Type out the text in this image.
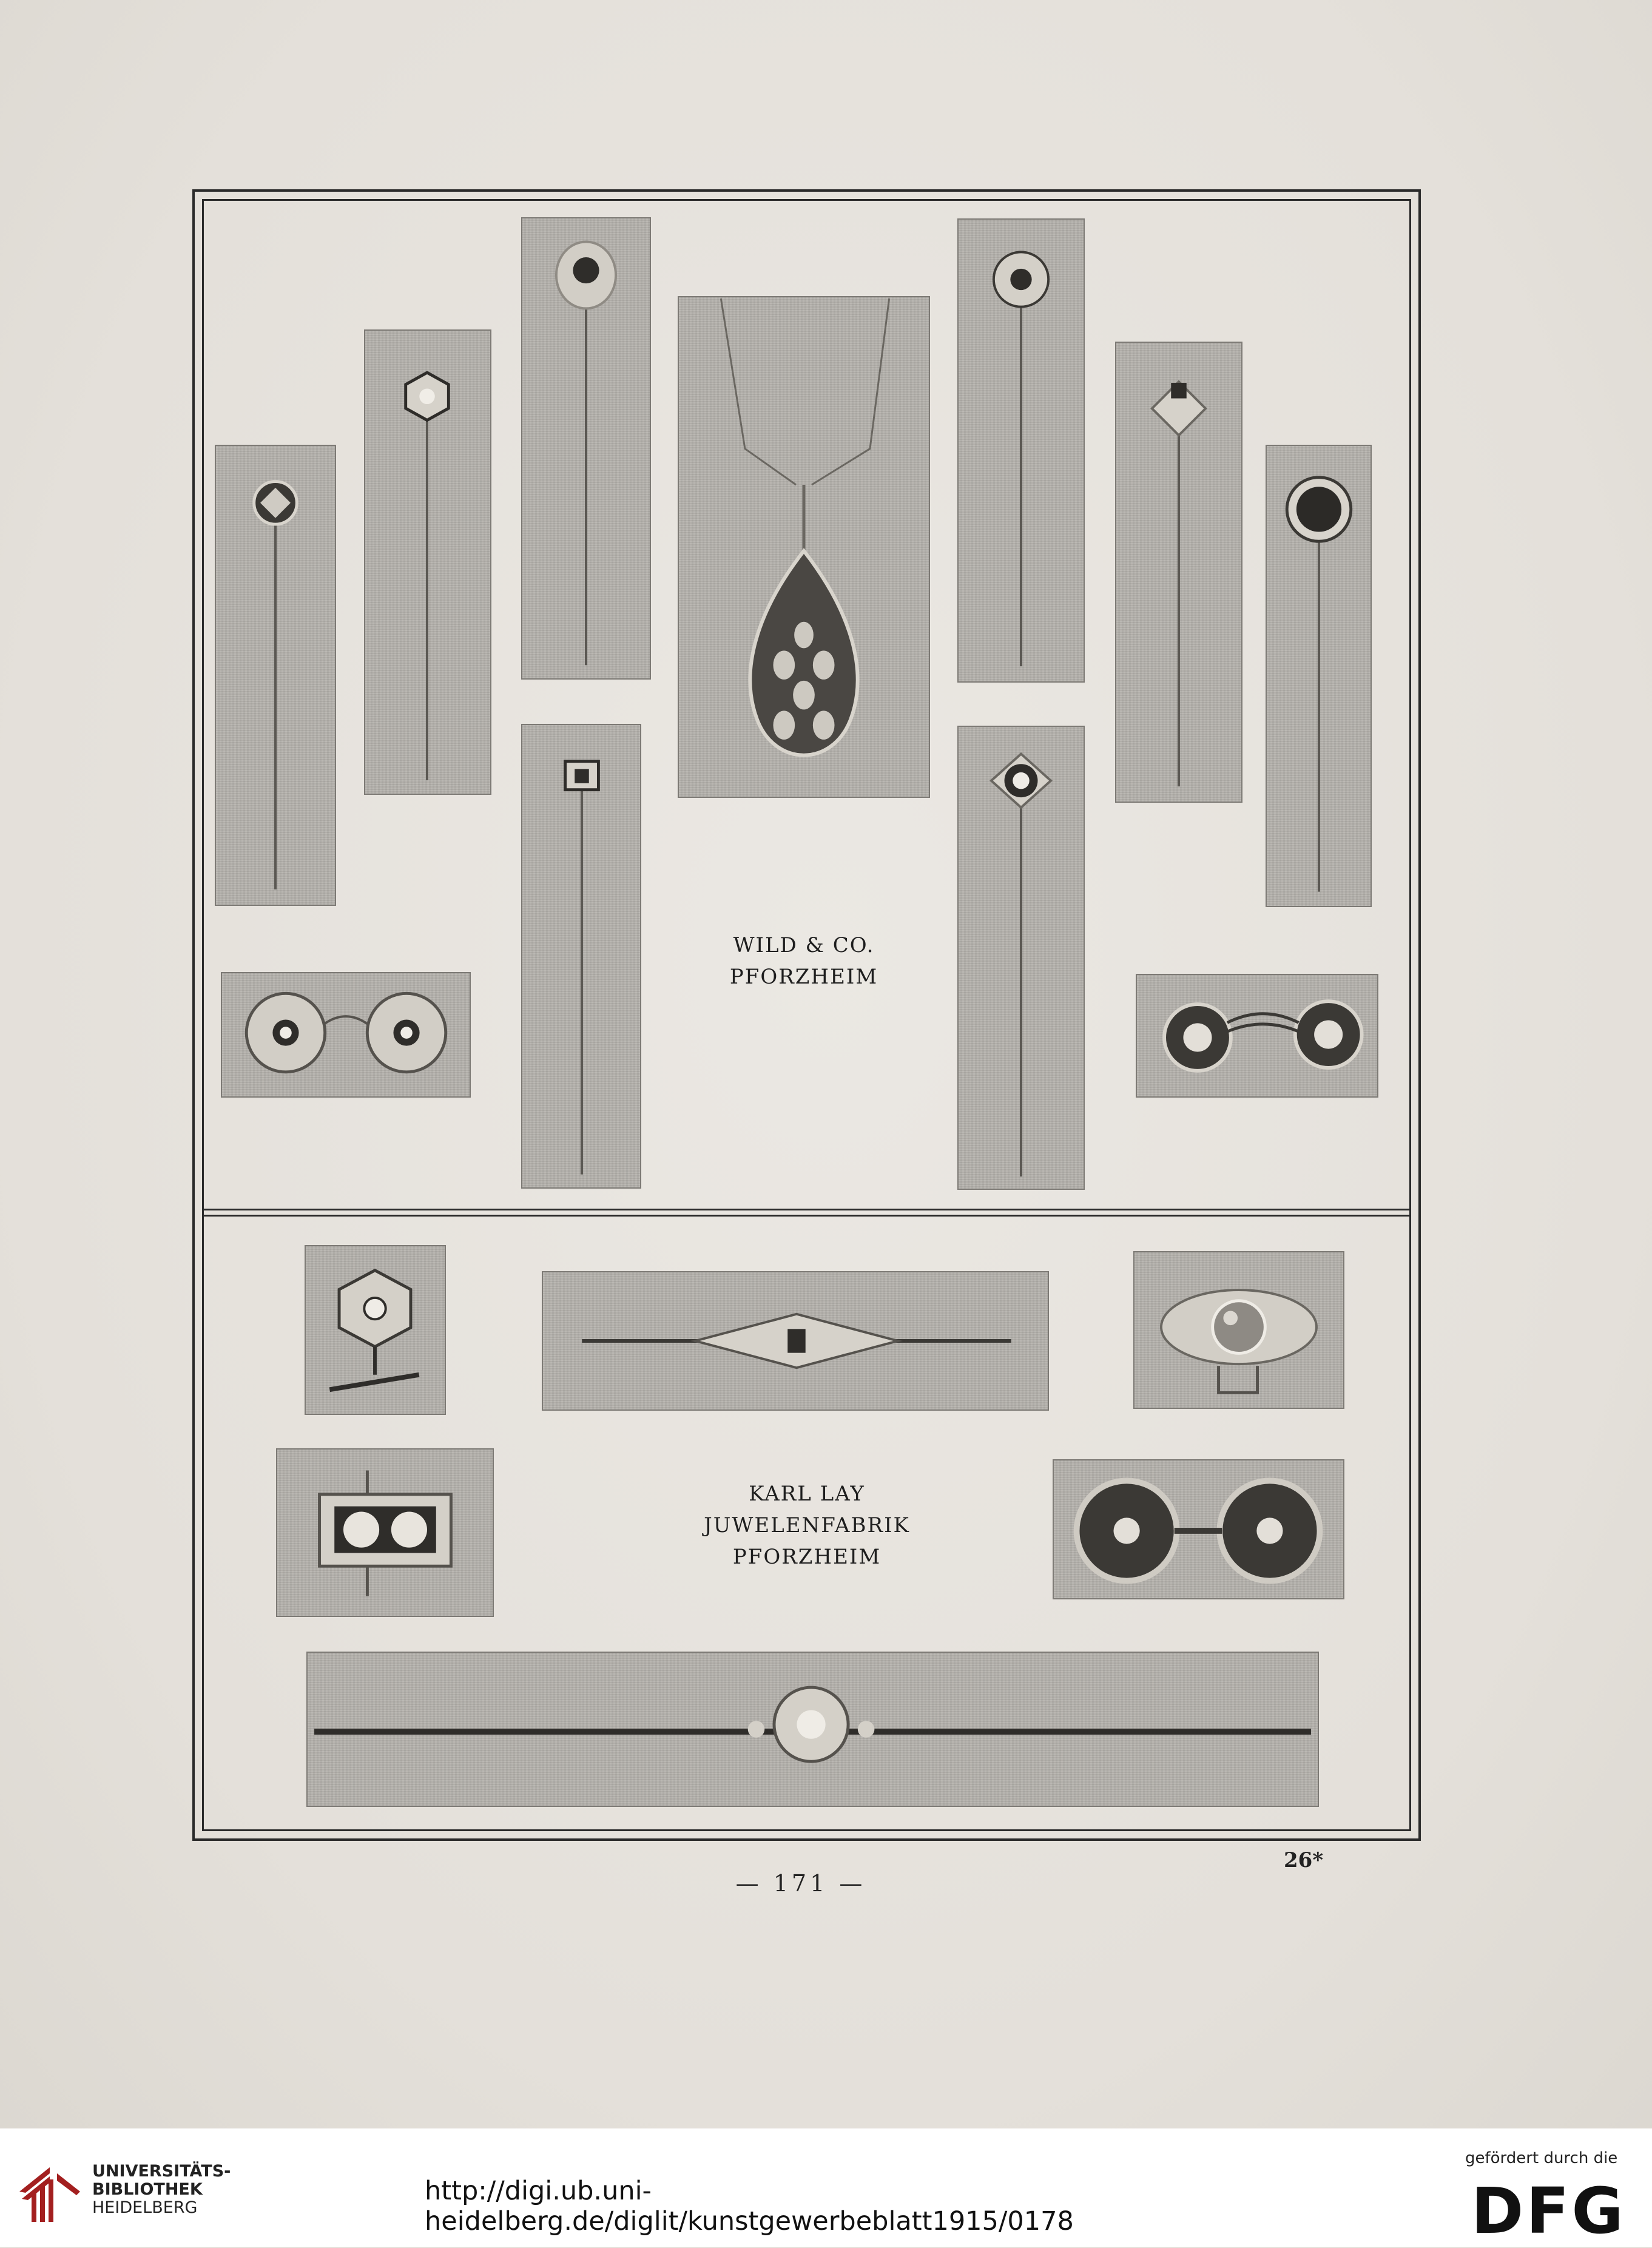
WILD & CO.
PFORZHEIM
KARL LAY
JUWELENFABRIK
PFORZHEIM
— 171 —
26*
UNIVERSITÄTS-
BIBLIOTHEK
HEIDELBERG
http://digi.ub.uni-heidelberg.de/diglit/kunstgewerbeblatt1915/0178
gefördert durch die
DFG
